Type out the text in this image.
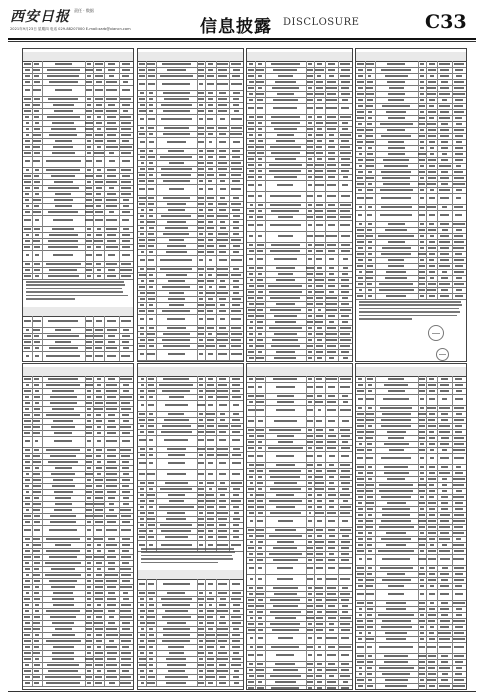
西安日报 责任 · 数据
2021年9月23日 星期四 电话 029-88207000 E-mail:xarb@xiancn.com	信息披露 DISCLOSURE	C33
